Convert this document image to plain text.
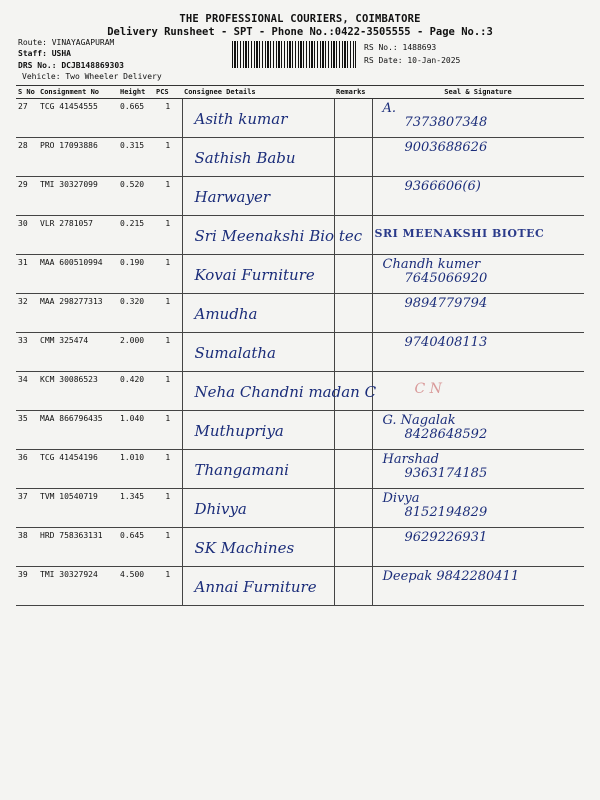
THE PROFESSIONAL COURIERS, COIMBATORE
Delivery Runsheet - SPT - Phone No.:0422-3505555 - Page No.:3
Route: VINAYAGAPURAM
Staff: USHA
DRS No.: DCJB148869303
Vehicle: Two Wheeler Delivery
RS No.: 1488693
RS Date: 10-Jan-2025
S No	Consignment No	Height	PCS	Consignee Details	Remarks	Seal & Signature
27	TCG 41454555	0.665	1	Asith kumar		A.
7373807348

28	PRO 17093886	0.315	1	Sathish Babu		9003688626

29	TMI 30327099	0.520	1	Harwayer		9366606(6)

30	VLR 2781057	0.215	1	Sri Meenakshi Bio tec		SRI MEENAKSHI BIOTEC

31	MAA 600510994	0.190	1	Kovai Furniture		Chandh kumer
7645066920

32	MAA 298277313	0.320	1	Amudha		9894779794

33	CMM 325474	2.000	1	Sumalatha		9740408113

34	KCM 30086523	0.420	1	Neha Chandni madan C		C N

35	MAA 866796435	1.040	1	Muthupriya		G. Nagalak
8428648592

36	TCG 41454196	1.010	1	Thangamani		Harshad
9363174185

37	TVM 10540719	1.345	1	Dhivya		Divya
8152194829

38	HRD 758363131	0.645	1	SK Machines		9629226931

39	TMI 30327924	4.500	1	Annai Furniture		Deepak 9842280411
